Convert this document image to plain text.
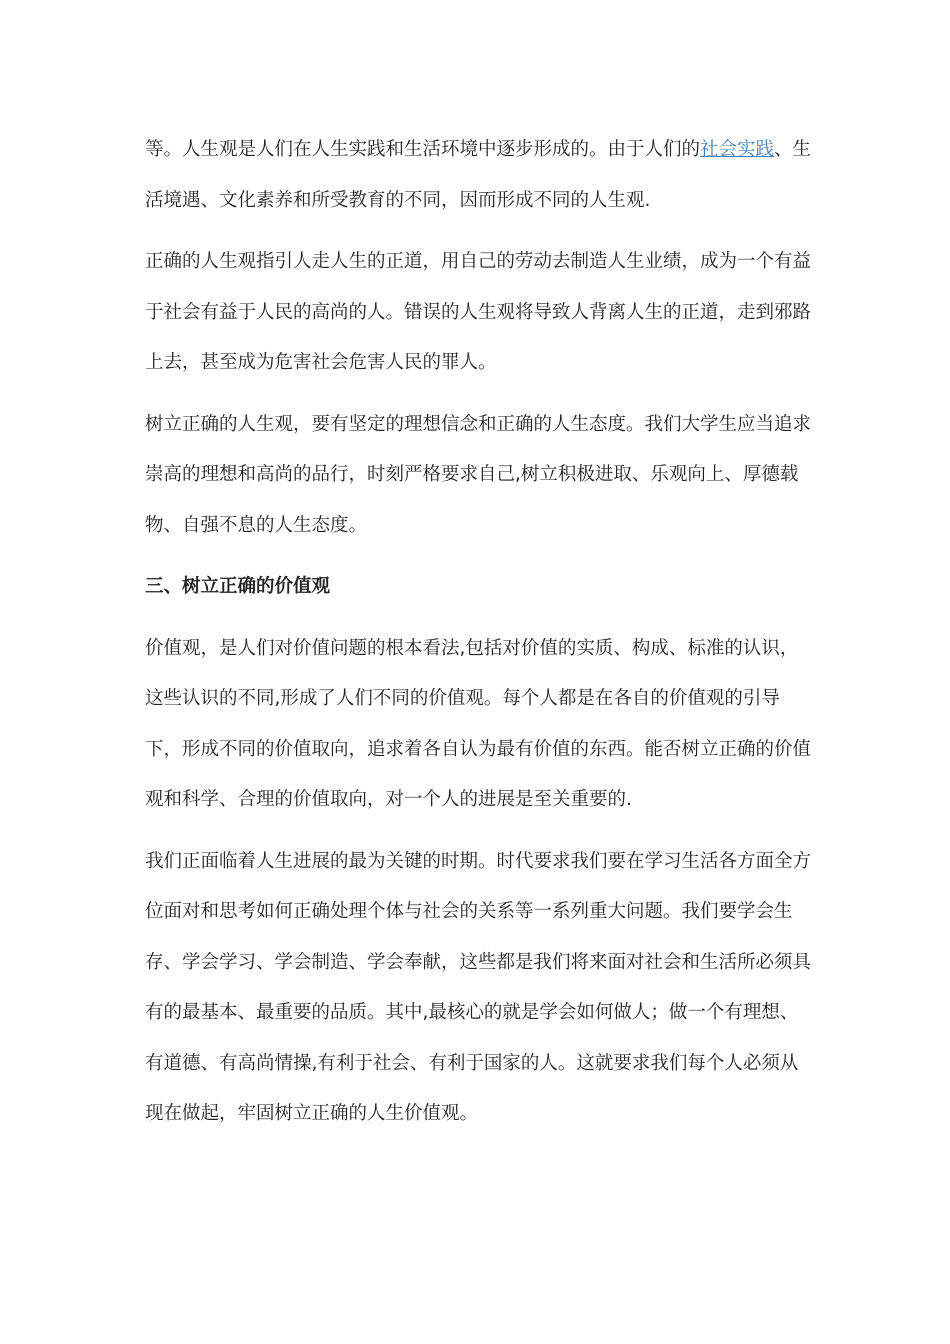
等。人生观是人们在人生实践和生活环境中逐步形成的。由于人们的社会实践、生活境遇、文化素养和所受教育的不同，因而形成不同的人生观.

正确的人生观指引人走人生的正道，用自己的劳动去制造人生业绩，成为一个有益于社会有益于人民的高尚的人。错误的人生观将导致人背离人生的正道，走到邪路上去，甚至成为危害社会危害人民的罪人。

树立正确的人生观，要有坚定的理想信念和正确的人生态度。我们大学生应当追求崇高的理想和高尚的品行，时刻严格要求自己,树立积极进取、乐观向上、厚德载物、自强不息的人生态度。

三、树立正确的价值观

价值观，是人们对价值问题的根本看法,包括对价值的实质、构成、标准的认识，这些认识的不同,形成了人们不同的价值观。每个人都是在各自的价值观的引导下，形成不同的价值取向，追求着各自认为最有价值的东西。能否树立正确的价值观和科学、合理的价值取向，对一个人的进展是至关重要的.

我们正面临着人生进展的最为关键的时期。时代要求我们要在学习生活各方面全方位面对和思考如何正确处理个体与社会的关系等一系列重大问题。我们要学会生存、学会学习、学会制造、学会奉献，这些都是我们将来面对社会和生活所必须具有的最基本、最重要的品质。其中,最核心的就是学会如何做人；做一个有理想、有道德、有高尚情操,有利于社会、有利于国家的人。这就要求我们每个人必须从现在做起，牢固树立正确的人生价值观。
